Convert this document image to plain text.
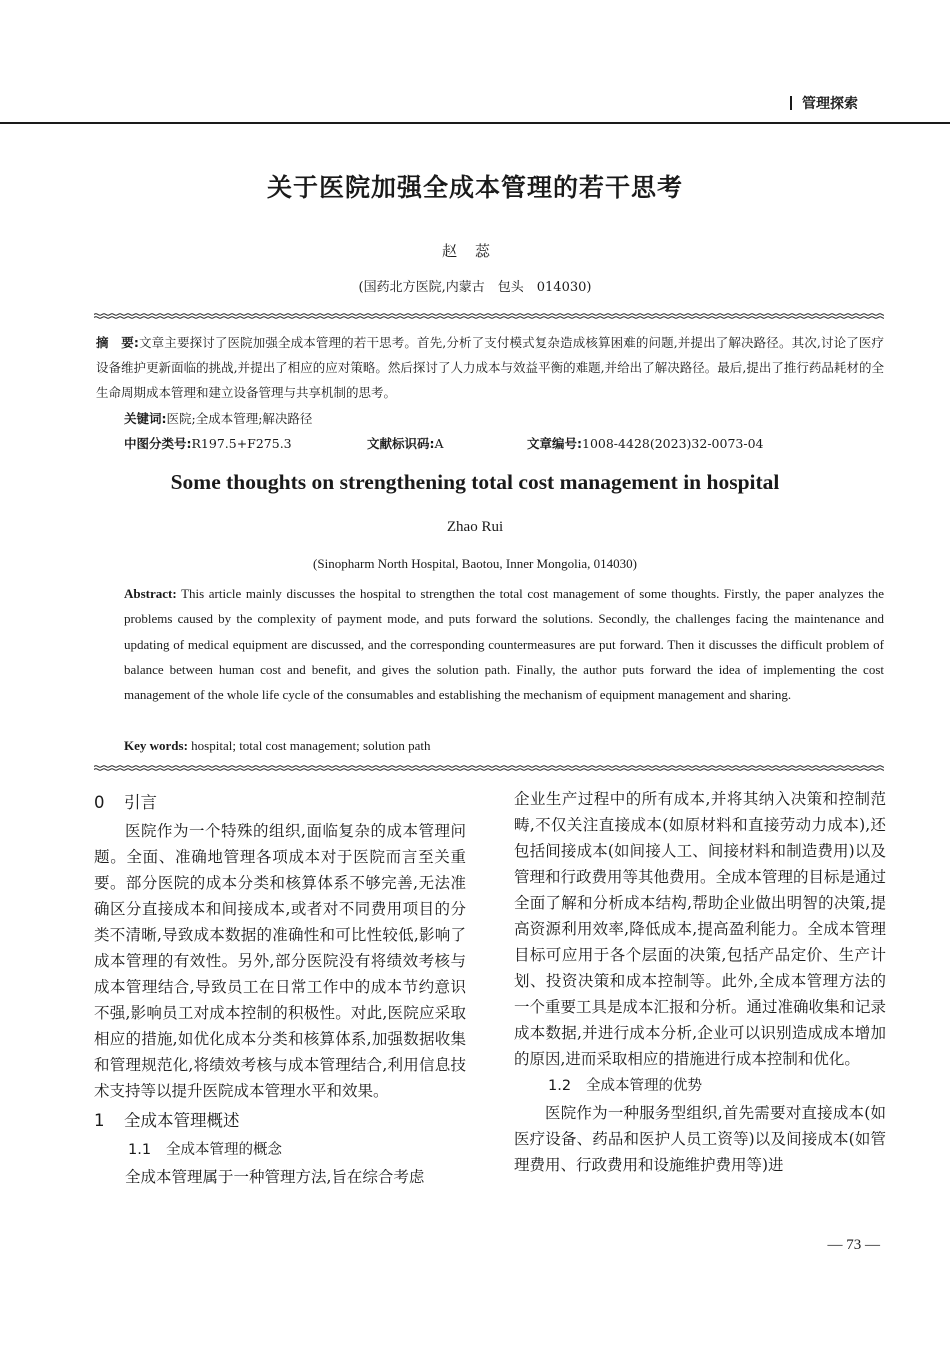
管理探索
关于医院加强全成本管理的若干思考
赵蕊
(国药北方医院,内蒙古　包头　014030)
摘　要:文章主要探讨了医院加强全成本管理的若干思考。首先,分析了支付模式复杂造成核算困难的问题,并提出了解决路径。其次,讨论了医疗设备维护更新面临的挑战,并提出了相应的应对策略。然后探讨了人力成本与效益平衡的难题,并给出了解决路径。最后,提出了推行药品耗材的全生命周期成本管理和建立设备管理与共享机制的思考。
关键词:医院;全成本管理;解决路径
中图分类号:R197.5+F275.3	文献标识码:A	文章编号:1008-4428(2023)32-0073-04
Some thoughts on strengthening total cost management in hospital
Zhao Rui
(Sinopharm North Hospital, Baotou, Inner Mongolia, 014030)
Abstract: This article mainly discusses the hospital to strengthen the total cost management of some thoughts. Firstly, the paper analyzes the problems caused by the complexity of payment mode, and puts forward the solutions. Secondly, the challenges facing the maintenance and updating of medical equipment are discussed, and the corresponding countermeasures are put forward. Then it discusses the difficult problem of balance between human cost and benefit, and gives the solution path. Finally, the author puts forward the idea of implementing the cost management of the whole life cycle of the consumables and establishing the mechanism of equipment management and sharing.
Key words: hospital; total cost management; solution path
0 引言

医院作为一个特殊的组织,面临复杂的成本管理问题。全面、准确地管理各项成本对于医院而言至关重要。部分医院的成本分类和核算体系不够完善,无法准确区分直接成本和间接成本,或者对不同费用项目的分类不清晰,导致成本数据的准确性和可比性较低,影响了成本管理的有效性。另外,部分医院没有将绩效考核与成本管理结合,导致员工在日常工作中的成本节约意识不强,影响员工对成本控制的积极性。对此,医院应采取相应的措施,如优化成本分类和核算体系,加强数据收集和管理规范化,将绩效考核与成本管理结合,利用信息技术支持等以提升医院成本管理水平和效果。

1 全成本管理概述
1.1 全成本管理的概念

全成本管理属于一种管理方法,旨在综合考虑

企业生产过程中的所有成本,并将其纳入决策和控制范畴,不仅关注直接成本(如原材料和直接劳动力成本),还包括间接成本(如间接人工、间接材料和制造费用)以及管理和行政费用等其他费用。全成本管理的目标是通过全面了解和分析成本结构,帮助企业做出明智的决策,提高资源利用效率,降低成本,提高盈利能力。全成本管理目标可应用于各个层面的决策,包括产品定价、生产计划、投资决策和成本控制等。此外,全成本管理方法的一个重要工具是成本汇报和分析。通过准确收集和记录成本数据,并进行成本分析,企业可以识别造成成本增加的原因,进而采取相应的措施进行成本控制和优化。

1.2 全成本管理的优势

医院作为一种服务型组织,首先需要对直接成本(如医疗设备、药品和医护人员工资等)以及间接成本(如管理费用、行政费用和设施维护费用等)进

— 73 —
